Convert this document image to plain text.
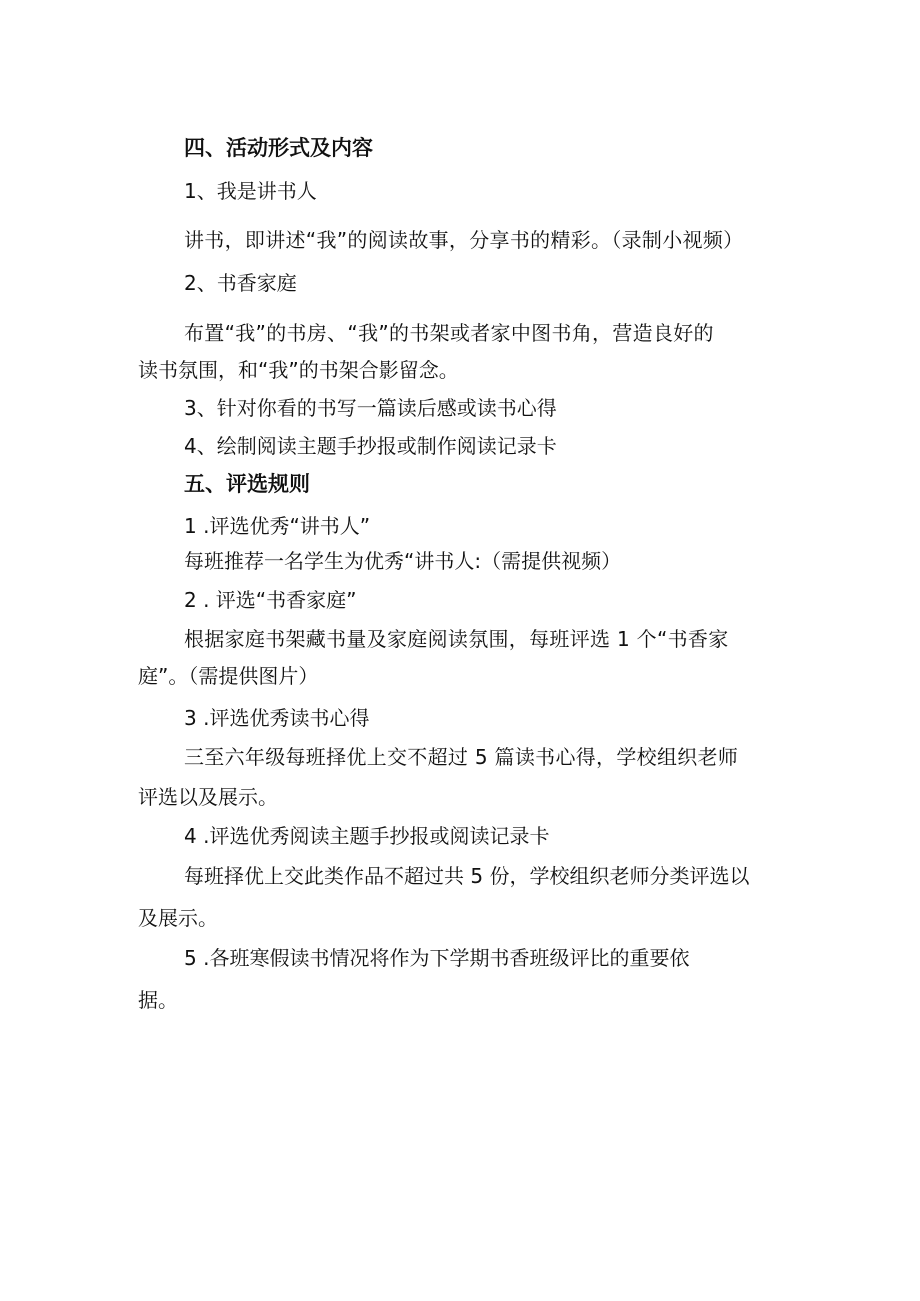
四、活动形式及内容
1、我是讲书人
讲书，即讲述“我”的阅读故事，分享书的精彩。（录制小视频）
2、书香家庭
布置“我”的书房、“我”的书架或者家中图书角，营造良好的
读书氛围，和“我”的书架合影留念。
3、针对你看的书写一篇读后感或读书心得
4、绘制阅读主题手抄报或制作阅读记录卡
五、评选规则
1 .评选优秀“讲书人”
每班推荐一名学生为优秀“讲书人:（需提供视频）
2 . 评选“书香家庭”
根据家庭书架藏书量及家庭阅读氛围，每班评选 1 个“书香家
庭”。（需提供图片）
3 .评选优秀读书心得
三至六年级每班择优上交不超过 5 篇读书心得，学校组织老师
评选以及展示。
4 .评选优秀阅读主题手抄报或阅读记录卡
每班择优上交此类作品不超过共 5 份，学校组织老师分类评选以
及展示。
5 .各班寒假读书情况将作为下学期书香班级评比的重要依
据。
